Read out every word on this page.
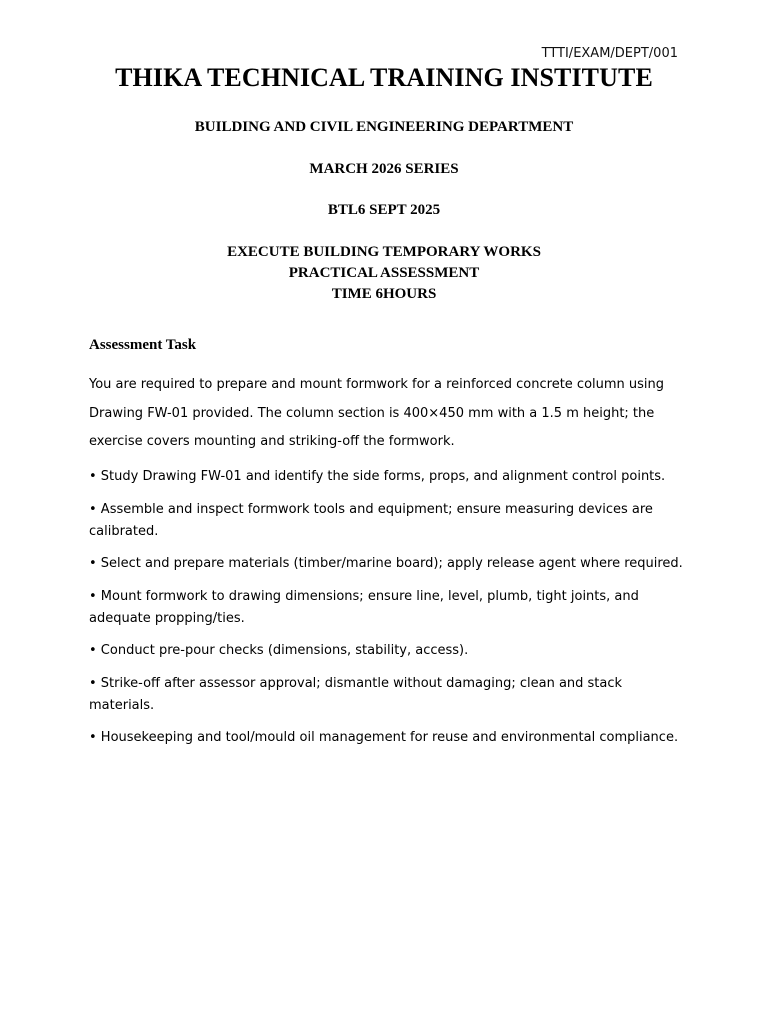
TTTI/EXAM/DEPT/001
THIKA TECHNICAL TRAINING INSTITUTE
BUILDING AND CIVIL ENGINEERING DEPARTMENT
MARCH 2026 SERIES
BTL6 SEPT 2025
EXECUTE BUILDING TEMPORARY WORKS
PRACTICAL ASSESSMENT
TIME 6HOURS
Assessment Task

You are required to prepare and mount formwork for a reinforced concrete column using Drawing FW-01 provided. The column section is 400×450 mm with a 1.5 m height; the exercise covers mounting and striking-off the formwork.

• Study Drawing FW-01 and identify the side forms, props, and alignment control points.
• Assemble and inspect formwork tools and equipment; ensure measuring devices are calibrated.
• Select and prepare materials (timber/marine board); apply release agent where required.
• Mount formwork to drawing dimensions; ensure line, level, plumb, tight joints, and adequate propping/ties.
• Conduct pre-pour checks (dimensions, stability, access).
• Strike-off after assessor approval; dismantle without damaging; clean and stack materials.
• Housekeeping and tool/mould oil management for reuse and environmental compliance.
